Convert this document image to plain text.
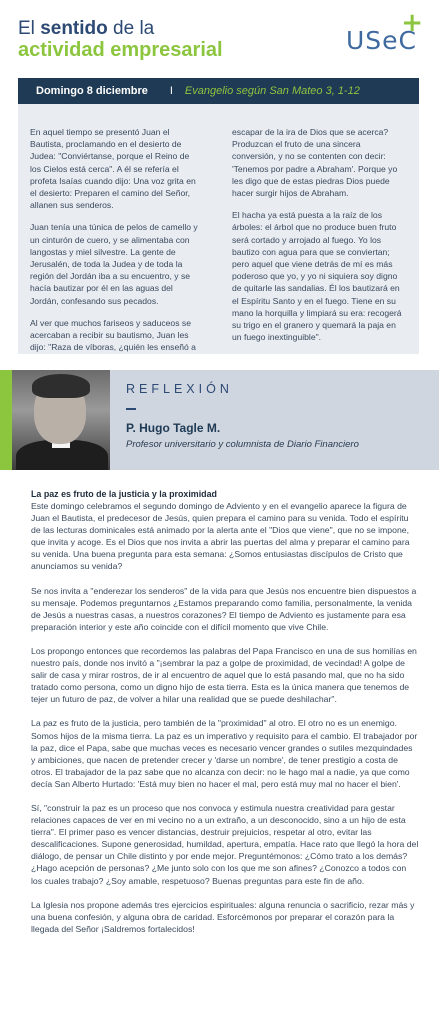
El sentido de la
actividad empresarial	USeC
+
Domingo 8 diciembre I Evangelio según San Mateo 3, 1-12

En aquel tiempo se presentó Juan el Bautista, proclamando en el desierto de Judea: "Conviértanse, porque el Reino de los Cielos está cerca". A él se refería el profeta Isaías cuando dijo: Una voz grita en el desierto: Preparen el camino del Señor, allanen sus senderos.

Juan tenía una túnica de pelos de camello y un cinturón de cuero, y se alimentaba con langostas y miel silvestre. La gente de Jerusalén, de toda la Judea y de toda la región del Jordán iba a su encuentro, y se hacía bautizar por él en las aguas del Jordán, confesando sus pecados.

Al ver que muchos fariseos y saduceos se acercaban a recibir su bautismo, Juan les dijo: "Raza de víboras, ¿quién les enseñó a

escapar de la ira de Dios que se acerca? Produzcan el fruto de una sincera conversión, y no se contenten con decir: 'Tenemos por padre a Abraham'. Porque yo les digo que de estas piedras Dios puede hacer surgir hijos de Abraham.

El hacha ya está puesta a la raíz de los árboles: el árbol que no produce buen fruto será cortado y arrojado al fuego. Yo los bautizo con agua para que se conviertan; pero aquel que viene detrás de mí es más poderoso que yo, y yo ni siquiera soy digno de quitarle las sandalias. Él los bautizará en el Espíritu Santo y en el fuego. Tiene en su mano la horquilla y limpiará su era: recogerá su trigo en el granero y quemará la paja en un fuego inextinguible".

REFLEXIÓN
P. Hugo Tagle M.
Profesor universitario y columnista de Diario Financiero
La paz es fruto de la justicia y la proximidad

Este domingo celebramos el segundo domingo de Adviento y en el evangelio aparece la figura de Juan el Bautista, el predecesor de Jesús, quien prepara el camino para su venida. Todo el espíritu de las lecturas dominicales está animado por la alerta ante el "Dios que viene", que no se impone, que invita y acoge. Es el Dios que nos invita a abrir las puertas del alma y preparar el camino para su venida. Una buena pregunta para esta semana: ¿Somos entusiastas discípulos de Cristo que anunciamos su venida?

Se nos invita a "enderezar los senderos" de la vida para que Jesús nos encuentre bien dispuestos a su mensaje. Podemos preguntarnos ¿Estamos preparando como familia, personalmente, la venida de Jesús a nuestras casas, a nuestros corazones? El tiempo de Adviento es justamente para esa preparación interior y este año coincide con el difícil momento que vive Chile.

Los propongo entonces que recordemos las palabras del Papa Francisco en una de sus homilías en nuestro país, donde nos invitó a "¡sembrar la paz a golpe de proximidad, de vecindad! A golpe de salir de casa y mirar rostros, de ir al encuentro de aquel que lo está pasando mal, que no ha sido tratado como persona, como un digno hijo de esta tierra. Esta es la única manera que tenemos de tejer un futuro de paz, de volver a hilar una realidad que se puede deshilachar".

La paz es fruto de la justicia, pero también de la "proximidad" al otro. El otro no es un enemigo. Somos hijos de la misma tierra. La paz es un imperativo y requisito para el cambio. El trabajador por la paz, dice el Papa, sabe que muchas veces es necesario vencer grandes o sutiles mezquindades y ambiciones, que nacen de pretender crecer y 'darse un nombre', de tener prestigio a costa de otros. El trabajador de la paz sabe que no alcanza con decir: no le hago mal a nadie, ya que como decía San Alberto Hurtado: 'Está muy bien no hacer el mal, pero está muy mal no hacer el bien'.

Sí, "construir la paz es un proceso que nos convoca y estimula nuestra creatividad para gestar relaciones capaces de ver en mi vecino no a un extraño, a un desconocido, sino a un hijo de esta tierra". El primer paso es vencer distancias, destruir prejuicios, respetar al otro, evitar las descalificaciones. Supone generosidad, humildad, apertura, empatía. Hace rato que llegó la hora del diálogo, de pensar un Chile distinto y por ende mejor. Preguntémonos: ¿Cómo trato a los demás? ¿Hago acepción de personas? ¿Me junto solo con los que me son afines? ¿Conozco a todos con los cuales trabajo? ¿Soy amable, respetuoso? Buenas preguntas para este fin de año.

La Iglesia nos propone además tres ejercicios espirituales: alguna renuncia o sacrificio, rezar más y una buena confesión, y alguna obra de caridad. Esforcémonos por preparar el corazón para la llegada del Señor ¡Saldremos fortalecidos!
